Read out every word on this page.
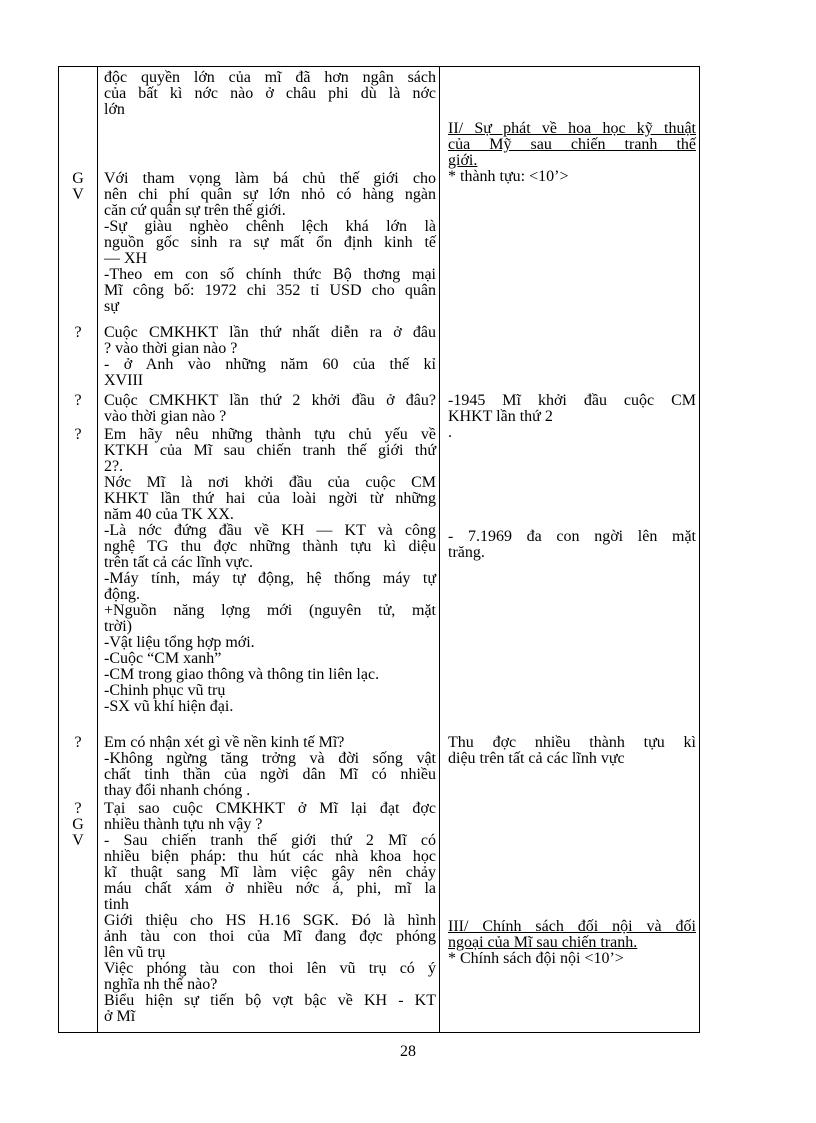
G
V
?
?
?
?
?
G
V
độc quyền lớn của mĩ đã hơn ngân sách
của bất kì nớc nào ở châu phi dù là nớc
lớn
Với tham vọng làm bá chủ thế giới cho
nên chi phí quân sự lớn nhỏ có hàng ngàn
căn cứ quân sự trên thế giới.
-Sự giàu nghèo chênh lệch khá lớn là
nguồn gốc sinh ra sự mất ổn định kinh tế
— XH
-Theo em con số chính thức Bộ thơng mại
Mĩ công bố: 1972 chi 352 tỉ USD cho quân
sự
Cuộc CMKHKT lần thứ nhất diễn ra ở đâu
? vào thời gian nào ?
- ở Anh vào những năm 60 của thế kỉ
XVIII
Cuộc CMKHKT lần thứ 2 khởi đầu ở đâu?
vào thời gian nào ?
Em hãy nêu những thành tựu chủ yếu về
KTKH của Mĩ sau chiến tranh thế giới thứ
2?.
Nớc Mĩ là nơi khởi đầu của cuộc CM
KHKT lần thứ hai của loài ngời từ những
năm 40 của TK XX.
-Là nớc đứng đầu về KH — KT và công
nghệ TG thu đợc những thành tựu kì diệu
trên tất cả các lĩnh vực.
-Máy tính, máy tự động, hệ thống máy tự
động.
+Nguồn năng lợng mới (nguyên tử, mặt
trời)
-Vật liệu tổng hợp mới.
-Cuộc “CM xanh”
-CM trong giao thông và thông tin liên lạc.
-Chinh phục vũ trụ
-SX vũ khí hiện đại.
Em có nhận xét gì về nền kinh tế Mĩ?
-Không ngừng tăng trởng và đời sống vật
chất tinh thần của ngời dân Mĩ có nhiều
thay đổi nhanh chóng .
Tại sao cuộc CMKHKT ở Mĩ lại đạt đợc
nhiều thành tựu nh vậy ?
- Sau chiến tranh thế giới thứ 2 Mĩ có
nhiều biện pháp: thu hút các nhà khoa học
kĩ thuật sang Mĩ làm việc gây nên chảy
máu chất xám ở nhiều nớc á, phi, mĩ la
tinh
Giới thiệu cho HS H.16 SGK. Đó là hình
ảnh tàu con thoi của Mĩ đang đợc phóng
lên vũ trụ
Việc phóng tàu con thoi lên vũ trụ có ý
nghĩa nh thế nào?
Biểu hiện sự tiến bộ vợt bậc về KH - KT
ở Mĩ
II/ Sự phát về hoa học kỹ thuật
của Mỹ sau chiến tranh thế
giới.
* thành tựu: <10’>
-1945 Mĩ khởi đầu cuộc CM
KHKT lần thứ 2
.
- 7.1969 đa con ngời lên mặt
trăng.
Thu đợc nhiều thành tựu kì
diệu trên tất cả các lĩnh vực
III/ Chính sách đối nội và đối
ngoại của Mĩ sau chiến tranh.
* Chính sách đội nội <10’>
28
